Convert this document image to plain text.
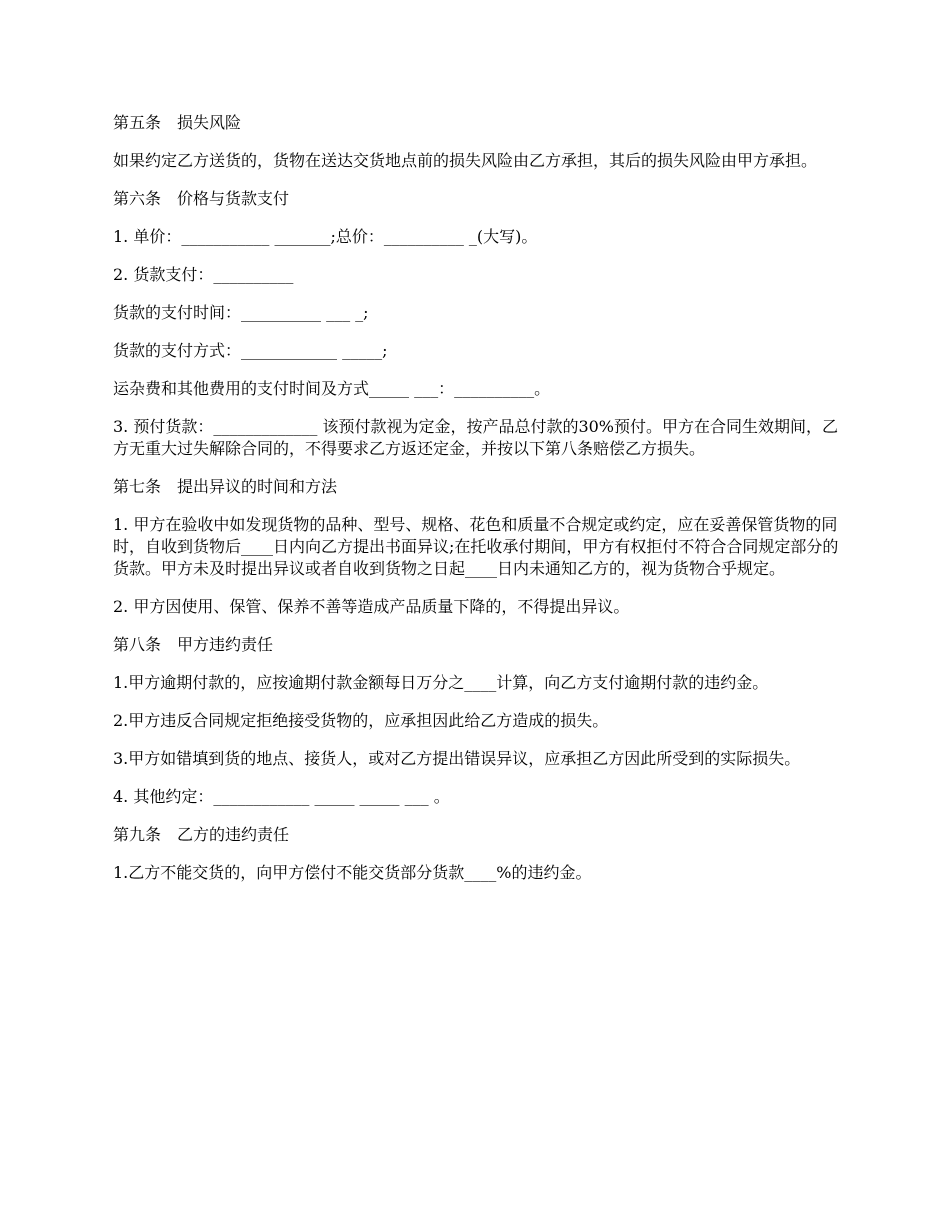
第五条　损失风险

如果约定乙方送货的，货物在送达交货地点前的损失风险由乙方承担，其后的损失风险由甲方承担。

第六条　价格与货款支付

1. 单价：___________ _______;总价：__________ _(大写)。

2. 货款支付：__________

货款的支付时间：__________ ___ _;

货款的支付方式：____________ _____;

运杂费和其他费用的支付时间及方式_____ ___：__________。

3. 预付货款：_____________ 该预付款视为定金，按产品总付款的30%预付。甲方在合同生效期间，乙方无重大过失解除合同的，不得要求乙方返还定金，并按以下第八条赔偿乙方损失。

第七条　提出异议的时间和方法

1. 甲方在验收中如发现货物的品种、型号、规格、花色和质量不合规定或约定，应在妥善保管货物的同时，自收到货物后____日内向乙方提出书面异议;在托收承付期间，甲方有权拒付不符合合同规定部分的货款。甲方未及时提出异议或者自收到货物之日起____日内未通知乙方的，视为货物合乎规定。

2. 甲方因使用、保管、保养不善等造成产品质量下降的，不得提出异议。

第八条　甲方违约责任

1.甲方逾期付款的，应按逾期付款金额每日万分之____计算，向乙方支付逾期付款的违约金。

2.甲方违反合同规定拒绝接受货物的，应承担因此给乙方造成的损失。

3.甲方如错填到货的地点、接货人，或对乙方提出错误异议，应承担乙方因此所受到的实际损失。

4. 其他约定：____________ _____ _____ ___ 。

第九条　乙方的违约责任

1.乙方不能交货的，向甲方偿付不能交货部分货款____%的违约金。
